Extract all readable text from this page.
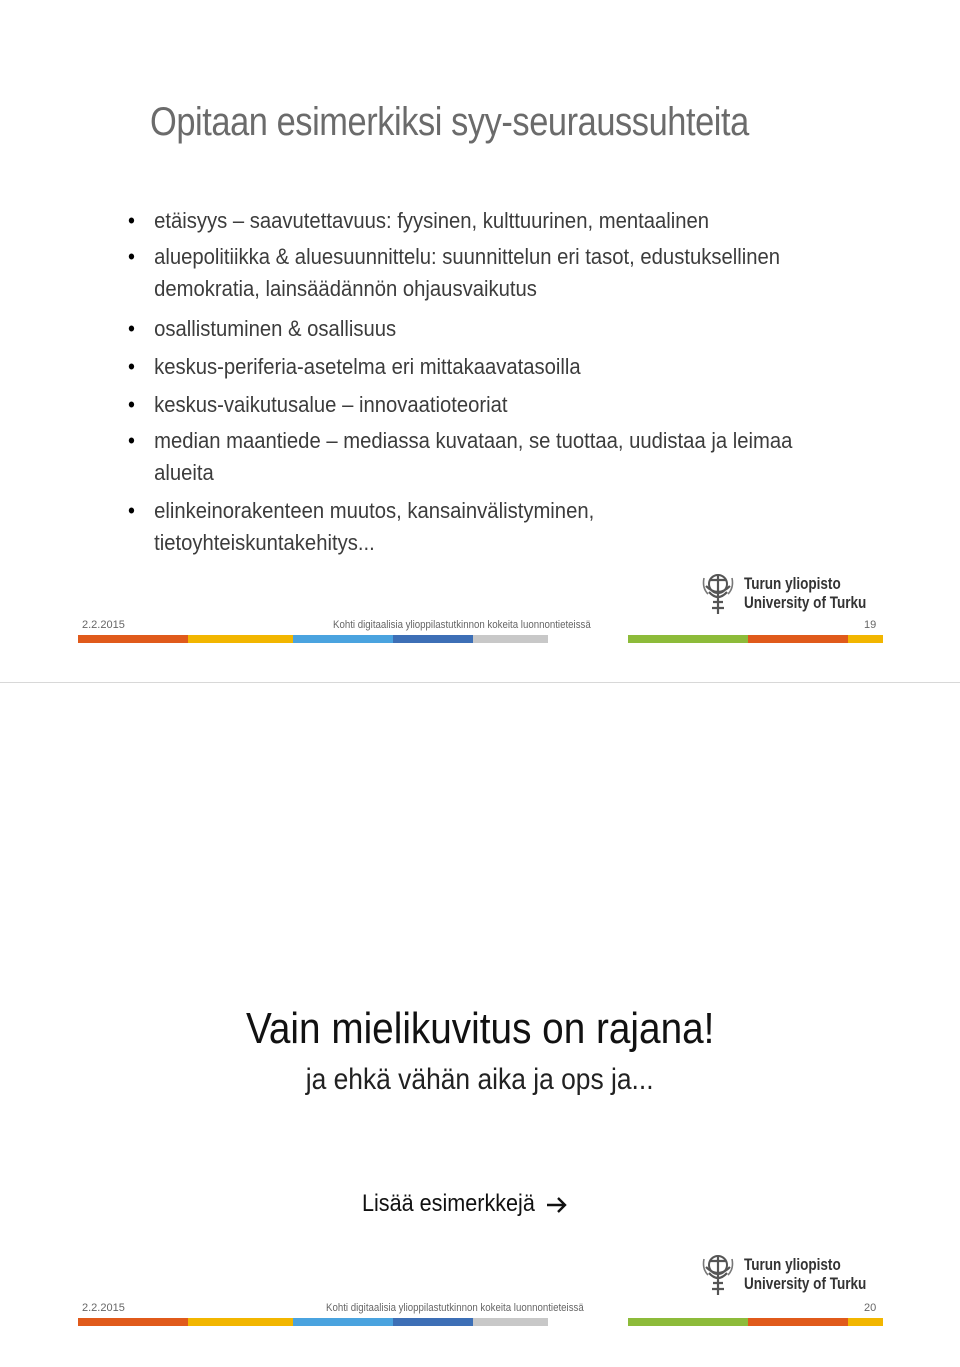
Opitaan esimerkiksi syy-seuraussuhteita
• etäisyys – saavutettavuus: fyysinen, kulttuurinen, mentaalinen
• aluepolitiikka & aluesuunnittelu: suunnittelun eri tasot, edustuksellinen demokratia, lainsäädännön ohjausvaikutus
• osallistuminen & osallisuus
• keskus-periferia-asetelma eri mittakaavatasoilla
• keskus-vaikutusalue – innovaatioteoriat
• median maantiede – mediassa kuvataan, se tuottaa, uudistaa ja leimaa alueita
• elinkeinorakenteen muutos, kansainvälistyminen, tietoyhteiskuntakehitys...
Turun yliopisto
University of Turku
2.2.2015	Kohti digitaalisia ylioppilastutkinnon kokeita luonnontieteissä	19
Vain mielikuvitus on rajana!
ja ehkä vähän aika ja ops ja...
Lisää esimerkkejä
Turun yliopisto
University of Turku
2.2.2015	Kohti digitaalisia ylioppilastutkinnon kokeita luonnontieteissä	20
